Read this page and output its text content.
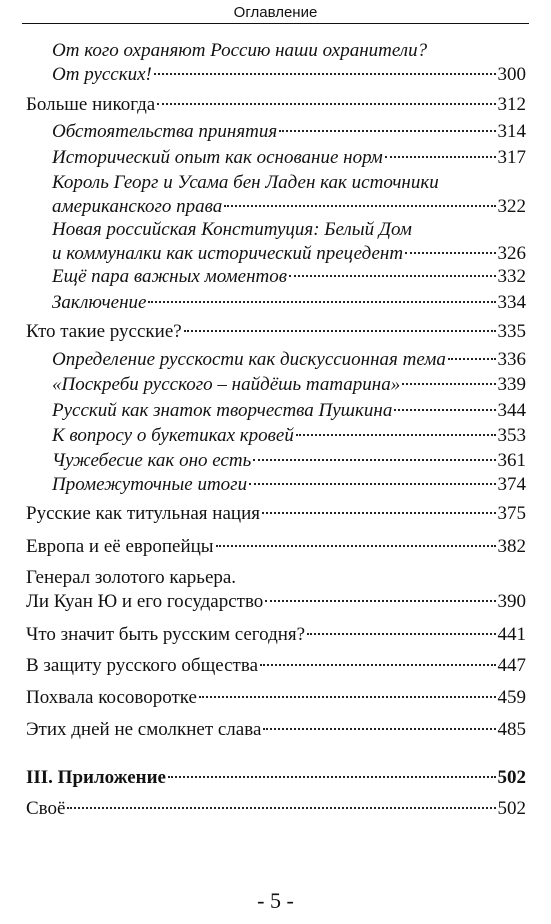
Оглавление
От кого охраняют Россию наши охранители?
От русских!	300
Больше никогда	312
Обстоятельства принятия	314
Исторический опыт как основание норм	317
Король Георг и Усама бен Ладен как источники
американского права	322
Новая российская Конституция: Белый Дом
и коммуналки как исторический прецедент	326
Ещё пара важных моментов	332
Заключение	334
Кто такие русские?	335
Определение русскости как дискуссионная тема	336
«Поскреби русского – найдёшь татарина»	339
Русский как знаток творчества Пушкина	344
К вопросу о букетиках кровей	353
Чужебесие как оно есть	361
Промежуточные итоги	374
Русские как титульная нация	375
Европа и её европейцы	382
Генерал золотого карьера.
Ли Куан Ю и его государство	390
Что значит быть русским сегодня?	441
В защиту русского общества	447
Похвала косоворотке	459
Этих дней не смолкнет слава	485
III. Приложение	502
Своё	502
- 5 -
